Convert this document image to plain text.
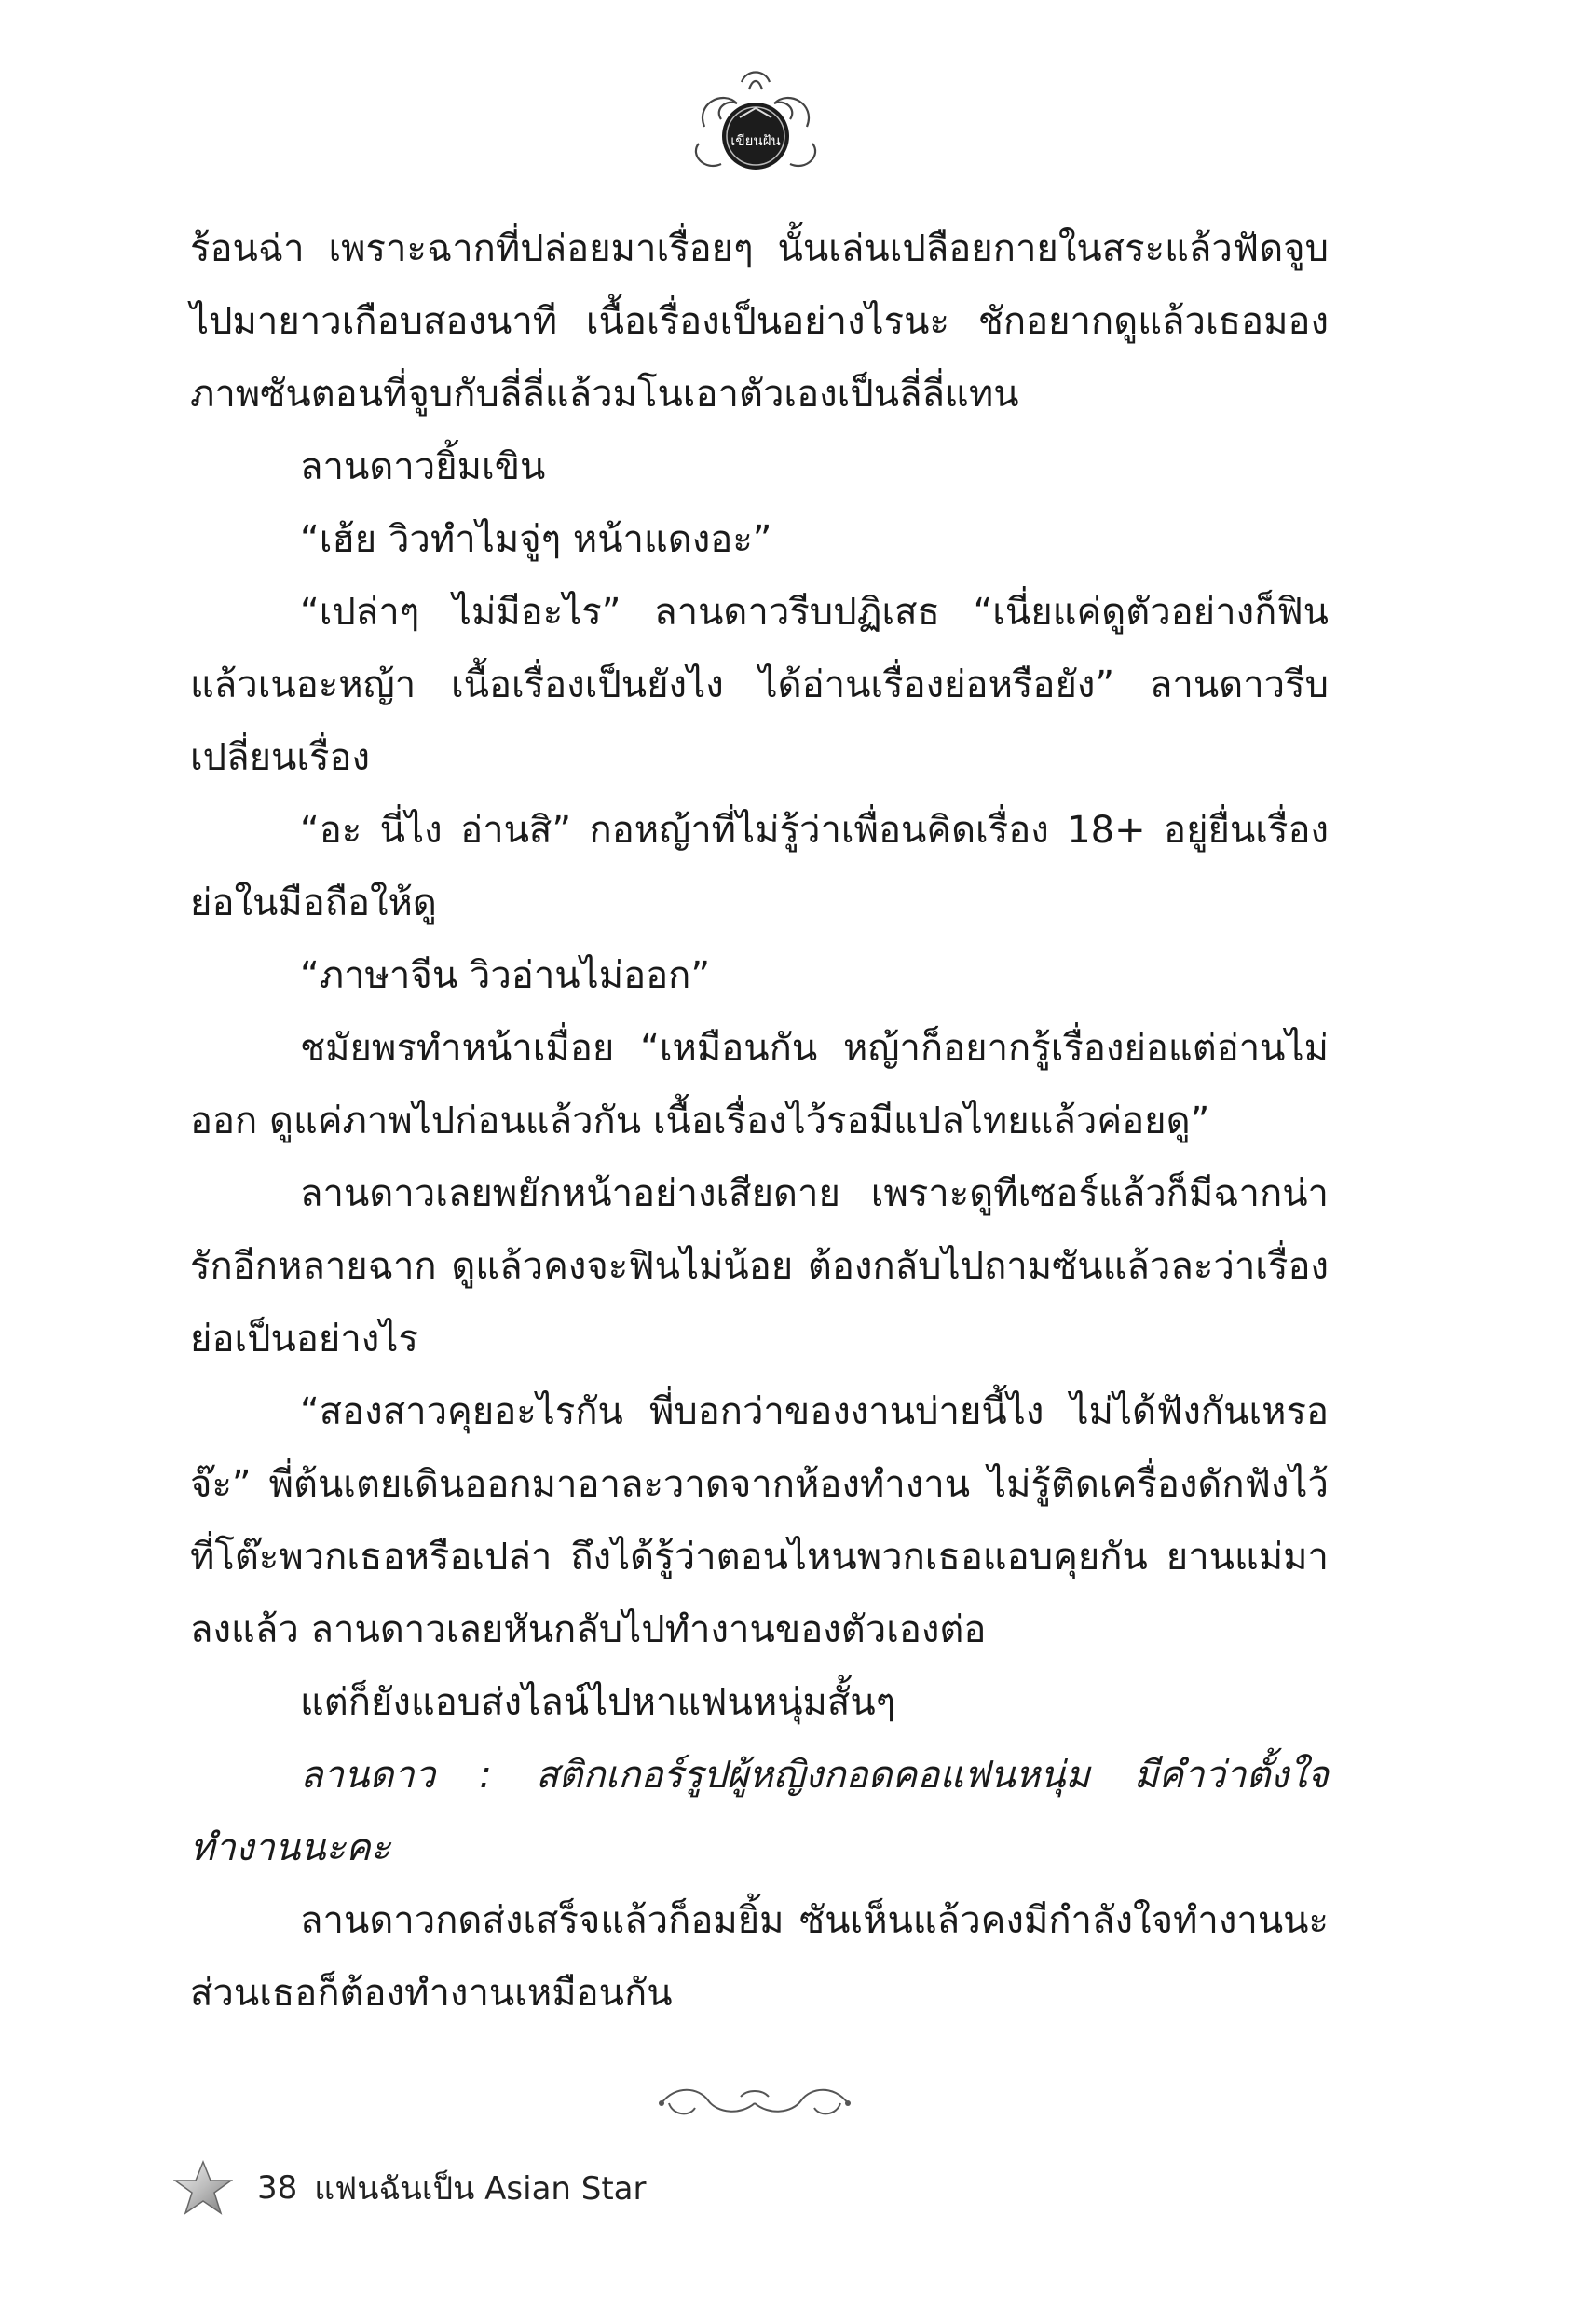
เขียนฝัน

ร้อนฉ่า เพราะฉากที่ปล่อยมาเรื่อยๆ นั้นเล่นเปลือยกายในสระแล้วฟัดจูบไปมายาวเกือบสองนาที เนื้อเรื่องเป็นอย่างไรนะ ชักอยากดูแล้วเธอมองภาพซันตอนที่จูบกับลี่ลี่แล้วมโนเอาตัวเองเป็นลี่ลี่แทน

ลานดาวยิ้มเขิน

“เฮ้ย วิวทำไมจู่ๆ หน้าแดงอะ”

“เปล่าๆ ไม่มีอะไร” ลานดาวรีบปฏิเสธ “เนี่ยแค่ดูตัวอย่างก็ฟินแล้วเนอะหญ้า เนื้อเรื่องเป็นยังไง ได้อ่านเรื่องย่อหรือยัง” ลานดาวรีบเปลี่ยนเรื่อง

“อะ นี่ไง อ่านสิ” กอหญ้าที่ไม่รู้ว่าเพื่อนคิดเรื่อง 18+ อยู่ยื่นเรื่องย่อในมือถือให้ดู

“ภาษาจีน วิวอ่านไม่ออก”

ชมัยพรทำหน้าเมื่อย “เหมือนกัน หญ้าก็อยากรู้เรื่องย่อแต่อ่านไม่ออก ดูแค่ภาพไปก่อนแล้วกัน เนื้อเรื่องไว้รอมีแปลไทยแล้วค่อยดู”

ลานดาวเลยพยักหน้าอย่างเสียดาย เพราะดูทีเซอร์แล้วก็มีฉากน่ารักอีกหลายฉาก ดูแล้วคงจะฟินไม่น้อย ต้องกลับไปถามซันแล้วละว่าเรื่องย่อเป็นอย่างไร

“สองสาวคุยอะไรกัน พี่บอกว่าของงานบ่ายนี้ไง ไม่ได้ฟังกันเหรอจ๊ะ” พี่ต้นเตยเดินออกมาอาละวาดจากห้องทำงาน ไม่รู้ติดเครื่องดักฟังไว้ที่โต๊ะพวกเธอหรือเปล่า ถึงได้รู้ว่าตอนไหนพวกเธอแอบคุยกัน ยานแม่มาลงแล้ว ลานดาวเลยหันกลับไปทำงานของตัวเองต่อ

แต่ก็ยังแอบส่งไลน์ไปหาแฟนหนุ่มสั้นๆ

ลานดาว : สติกเกอร์รูปผู้หญิงกอดคอแฟนหนุ่ม มีคำว่าตั้งใจทำงานนะคะ

ลานดาวกดส่งเสร็จแล้วก็อมยิ้ม ซันเห็นแล้วคงมีกำลังใจทำงานนะส่วนเธอก็ต้องทำงานเหมือนกัน

38 แฟนฉันเป็น Asian Star
